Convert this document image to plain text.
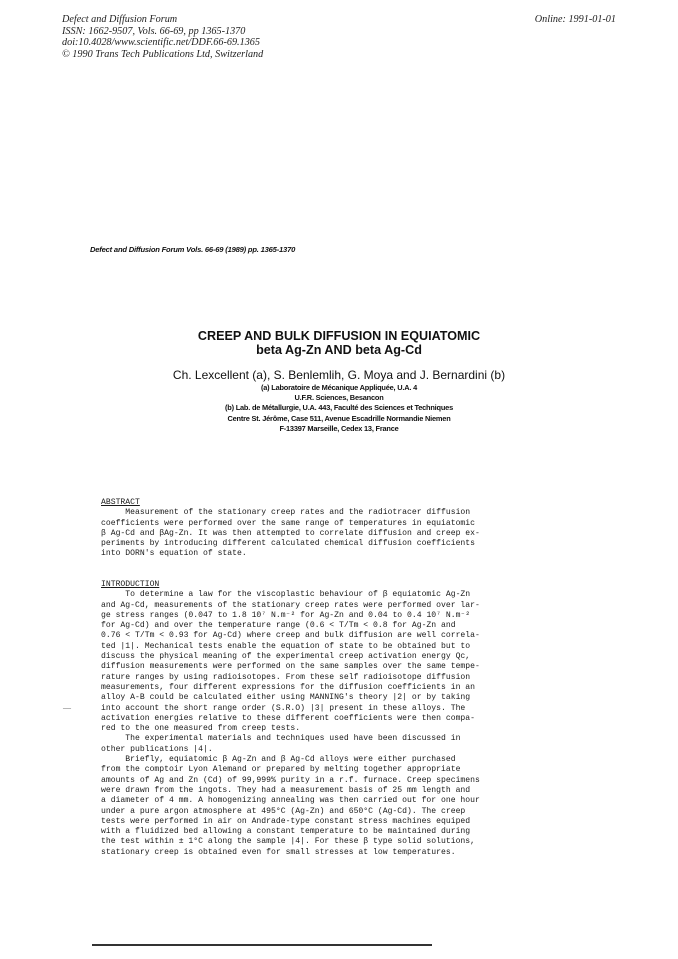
Defect and Diffusion Forum
ISSN: 1662-9507, Vols. 66-69, pp 1365-1370
doi:10.4028/www.scientific.net/DDF.66-69.1365
© 1990 Trans Tech Publications Ltd, Switzerland
Online: 1991-01-01
Defect and Diffusion Forum Vols. 66-69 (1989) pp. 1365-1370
CREEP AND BULK DIFFUSION IN EQUIATOMIC
beta Ag-Zn AND beta Ag-Cd
Ch. Lexcellent (a), S. Benlemlih, G. Moya and J. Bernardini (b)
(a) Laboratoire de Mécanique Appliquée, U.A. 4
U.F.R. Sciences, Besancon
(b) Lab. de Métallurgie, U.A. 443, Faculté des Sciences et Techniques
Centre St. Jérôme, Case 511, Avenue Escadrille Normandie Niemen
F-13397 Marseille, Cedex 13, France

ABSTRACT

Measurement of the stationary creep rates and the radiotracer diffusion

coefficients were performed over the same range of temperatures in equiatomic

β Ag-Cd and βAg-Zn. It was then attempted to correlate diffusion and creep ex-

periments by introducing different calculated chemical diffusion coefficients

into DORN's equation of state.

INTRODUCTION

To determine a law for the viscoplastic behaviour of β equiatomic Ag-Zn

and Ag-Cd, measurements of the stationary creep rates were performed over lar-

ge stress ranges (0.047 to 1.8 10⁷ N.m⁻² for Ag-Zn and 0.04 to 0.4 10⁷ N.m⁻²

for Ag-Cd) and over the temperature range (0.6 < T/Tm < 0.8 for Ag-Zn and

0.76 < T/Tm < 0.93 for Ag-Cd) where creep and bulk diffusion are well correla-

ted |1|. Mechanical tests enable the equation of state to be obtained but to

discuss the physical meaning of the experimental creep activation energy Qc,

diffusion measurements were performed on the same samples over the same tempe-

rature ranges by using radioisotopes. From these self radioisotope diffusion

measurements, four different expressions for the diffusion coefficients in an

alloy A-B could be calculated either using MANNING's theory |2| or by taking

into account the short range order (S.R.O) |3| present in these alloys. The

activation energies relative to these different coefficients were then compa-

red to the one measured from creep tests.

The experimental materials and techniques used have been discussed in

other publications |4|.

Briefly, equiatomic β Ag-Zn and β Ag-Cd alloys were either purchased

from the comptoir Lyon Alemand or prepared by melting together appropriate

amounts of Ag and Zn (Cd) of 99,999% purity in a r.f. furnace. Creep specimens

were drawn from the ingots. They had a measurement basis of 25 mm length and

a diameter of 4 mm. A homogenizing annealing was then carried out for one hour

under a pure argon atmosphere at 495°C (Ag-Zn) and 650°C (Ag-Cd). The creep

tests were performed in air on Andrade-type constant stress machines equiped

with a fluidized bed allowing a constant temperature to be maintained during

the test within ± 1°C along the sample |4|. For these β type solid solutions,

stationary creep is obtained even for small stresses at low temperatures.

—
